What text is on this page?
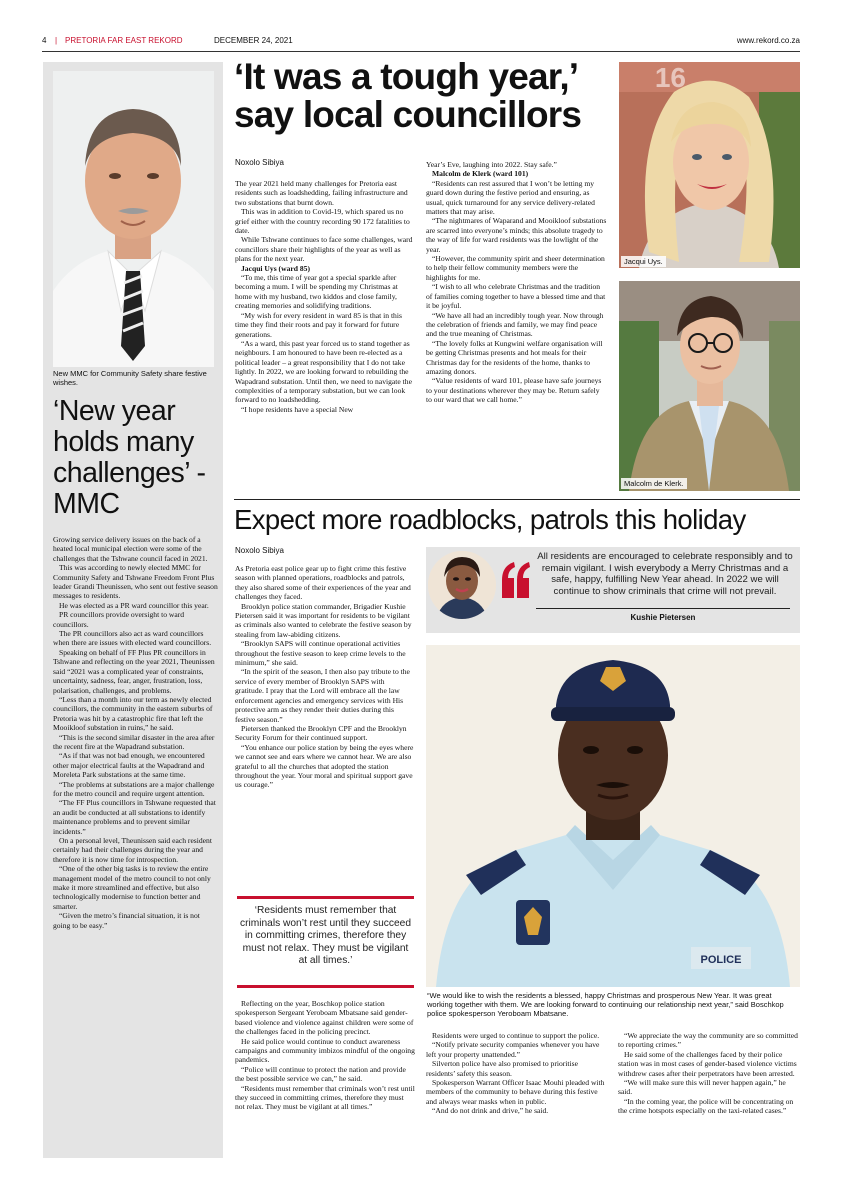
4 | PRETORIA FAR EAST REKORD	DECEMBER 24, 2021	www.rekord.co.za
New MMC for Community Safety share festive wishes.
‘New year holds many challenges’ - MMC

Growing service delivery issues on the back of a heated local municipal election were some of the challenges that the Tshwane council faced in 2021.

This was according to newly elected MMC for Community Safety and Tshwane Freedom Front Plus leader Grandi Theunissen, who sent out festive season messages to residents.

He was elected as a PR ward councillor this year.

PR councillors provide oversight to ward councillors.

The PR councillors also act as ward councillors when there are issues with elected ward councillors.

Speaking on behalf of FF Plus PR councillors in Tshwane and reflecting on the year 2021, Theunissen said “2021 was a complicated year of constraints, uncertainty, sadness, fear, anger, frustration, loss, polarisation, challenges, and problems.

“Less than a month into our term as newly elected councillors, the community in the eastern suburbs of Pretoria was hit by a catastrophic fire that left the Mooikloof substation in ruins,” he said.

“This is the second similar disaster in the area after the recent fire at the Wapadrand substation.

“As if that was not bad enough, we encountered other major electrical faults at the Wapadrand and Moreleta Park substations at the same time.

“The problems at substations are a major challenge for the metro council and require urgent attention.

“The FF Plus councillors in Tshwane requested that an audit be conducted at all substations to identify maintenance problems and to prevent similar incidents.”

On a personal level, Theunissen said each resident certainly had their challenges during the year and therefore it is now time for introspection.

“One of the other big tasks is to review the entire management model of the metro council to not only make it more streamlined and effective, but also technologically modernise to function better and smarter.

“Given the metro’s financial situation, it is not going to be easy.”

‘It was a tough year,’ say local councillors
Noxolo Sibiya

The year 2021 held many challenges for Pretoria east residents such as loadshedding, failing infrastructure and two substations that burnt down.

This was in addition to Covid-19, which spared us no grief either with the country recording 90 172 fatalities to date.

While Tshwane continues to face some challenges, ward councillors share their highlights of the year as well as plans for the next year.

Jacqui Uys (ward 85)

“To me, this time of year got a special sparkle after becoming a mum. I will be spending my Christmas at home with my husband, two kiddos and close family, creating memories and solidifying traditions.

“My wish for every resident in ward 85 is that in this time they find their roots and pay it forward for future generations.

“As a ward, this past year forced us to stand together as neighbours. I am honoured to have been re-elected as a political leader – a great responsibility that I do not take lightly. In 2022, we are looking forward to rebuilding the Wapadrand substation. Until then, we need to navigate the complexities of a temporary substation, but we can look forward to no loadshedding.

“I hope residents have a special New

Year’s Eve, laughing into 2022. Stay safe.”

Malcolm de Klerk (ward 101)

“Residents can rest assured that I won’t be letting my guard down during the festive period and ensuring, as usual, quick turnaround for any service delivery-related matters that may arise.

“The nightmares of Waparand and Mooikloof substations are scarred into everyone’s minds; this absolute tragedy to the way of life for ward residents was the lowlight of the year.

“However, the community spirit and sheer determination to help their fellow community members were the highlights for me.

“I wish to all who celebrate Christmas and the tradition of families coming together to have a blessed time and that it be joyful.

“We have all had an incredibly tough year. Now through the celebration of friends and family, we may find peace and the true meaning of Christmas.

“The lovely folks at Kungwini welfare organisation will be getting Christmas presents and hot meals for their Christmas day for the residents of the home, thanks to amazing donors.

“Value residents of ward 101, please have safe journeys to your destinations wherever they may be. Return safely to our ward that we call home.”

16
Jacqui Uys.
Malcolm de Klerk.
Expect more roadblocks, patrols this holiday
Noxolo Sibiya

As Pretoria east police gear up to fight crime this festive season with planned operations, roadblocks and patrols, they also shared some of their experiences of the year and challenges they faced.

Brooklyn police station commander, Brigadier Kushie Pietersen said it was important for residents to be vigilant as criminals also wanted to celebrate the festive season by stealing from law-abiding citizens.

“Brooklyn SAPS will continue operational activities throughout the festive season to keep crime levels to the minimum,” she said.

“In the spirit of the season, I then also pay tribute to the service of every member of Brooklyn SAPS with gratitude. I pray that the Lord will embrace all the law enforcement agencies and emergency services with His protective arm as they render their duties during this festive season.”

Pietersen thanked the Brooklyn CPF and the Brooklyn Security Forum for their continued support.

“You enhance our police station by being the eyes where we cannot see and ears where we cannot hear. We are also grateful to all the churches that adopted the station throughout the year. Your moral and spiritual support gave us courage.”

‘Residents must remember that criminals won’t rest until they succeed in committing crimes, therefore they must not relax. They must be vigilant at all times.’

Reflecting on the year, Boschkop police station spokesperson Sergeant Yeroboam Mbatsane said gender-based violence and violence against children were some of the challenges faced in the policing precinct.

He said police would continue to conduct awareness campaigns and community imbizos mindful of the ongoing pandemics.

“Police will continue to protect the nation and provide the best possible service we can,” he said.

“Residents must remember that criminals won’t rest until they succeed in committing crimes, therefore they must not relax. They must be vigilant at all times.”

All residents are encouraged to celebrate responsibly and to remain vigilant. I wish everybody a Merry Christmas and a safe, happy, fulfilling New Year ahead. In 2022 we will continue to show criminals that crime will not prevail.
Kushie Pietersen
POLICE
“We would like to wish the residents a blessed, happy Christmas and prosperous New Year. It was great working together with them. We are looking forward to continuing our relationship next year,” said Boschkop police spokesperson Yeroboam Mbatsane.

Residents were urged to continue to support the police.

“Notify private security companies whenever you have left your property unattended.”

Silverton police have also promised to prioritise residents’ safety this season.

Spokesperson Warrant Officer Isaac Mouhi pleaded with members of the community to behave during this festive and always wear masks when in public.

“And do not drink and drive,” he said.

“We appreciate the way the community are so committed to reporting crimes.”

He said some of the challenges faced by their police station was in most cases of gender-based violence victims withdrew cases after their perpetrators have been arrested.

“We will make sure this will never happen again,” he said.

“In the coming year, the police will be concentrating on the crime hotspots especially on the taxi-related cases.”
